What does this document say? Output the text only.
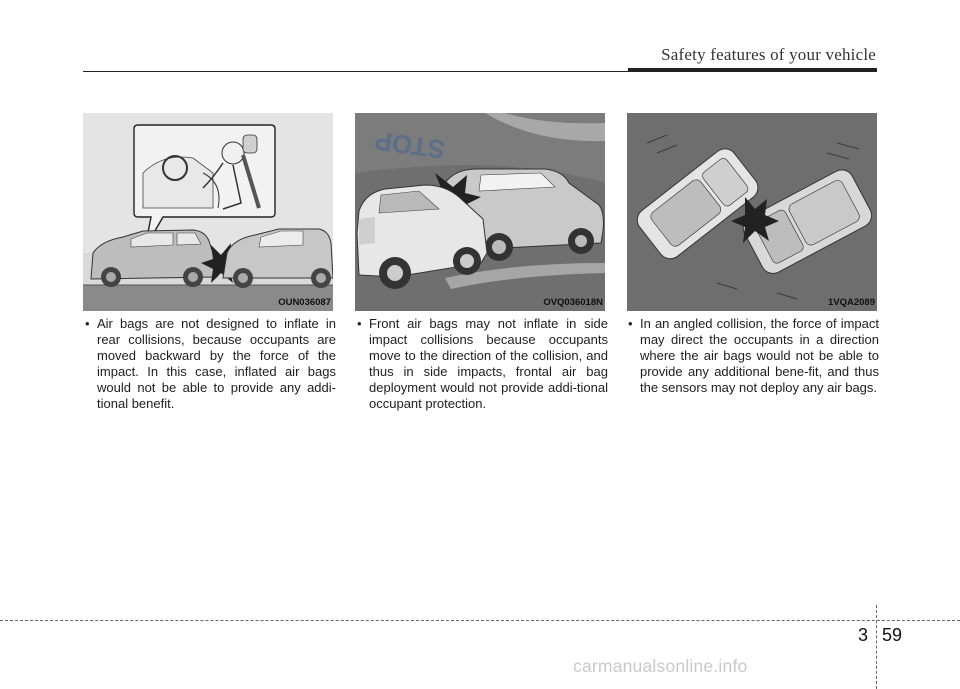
Safety features of your vehicle
OUN036087
STOP
OVQ036018N	1VQA2089
• Air bags are not designed to inflate in rear collisions, because occupants are moved backward by the force of the impact. In this case, inflated air bags would not be able to provide any addi-tional benefit.
• Front air bags may not inflate in side impact collisions because occupants move to the direction of the collision, and thus in side impacts, frontal air bag deployment would not provide addi-tional occupant protection.
• In an angled collision, the force of impact may direct the occupants in a direction where the air bags would not be able to provide any additional bene-fit, and thus the sensors may not deploy any air bags.
3 59
carmanualsonline.info
